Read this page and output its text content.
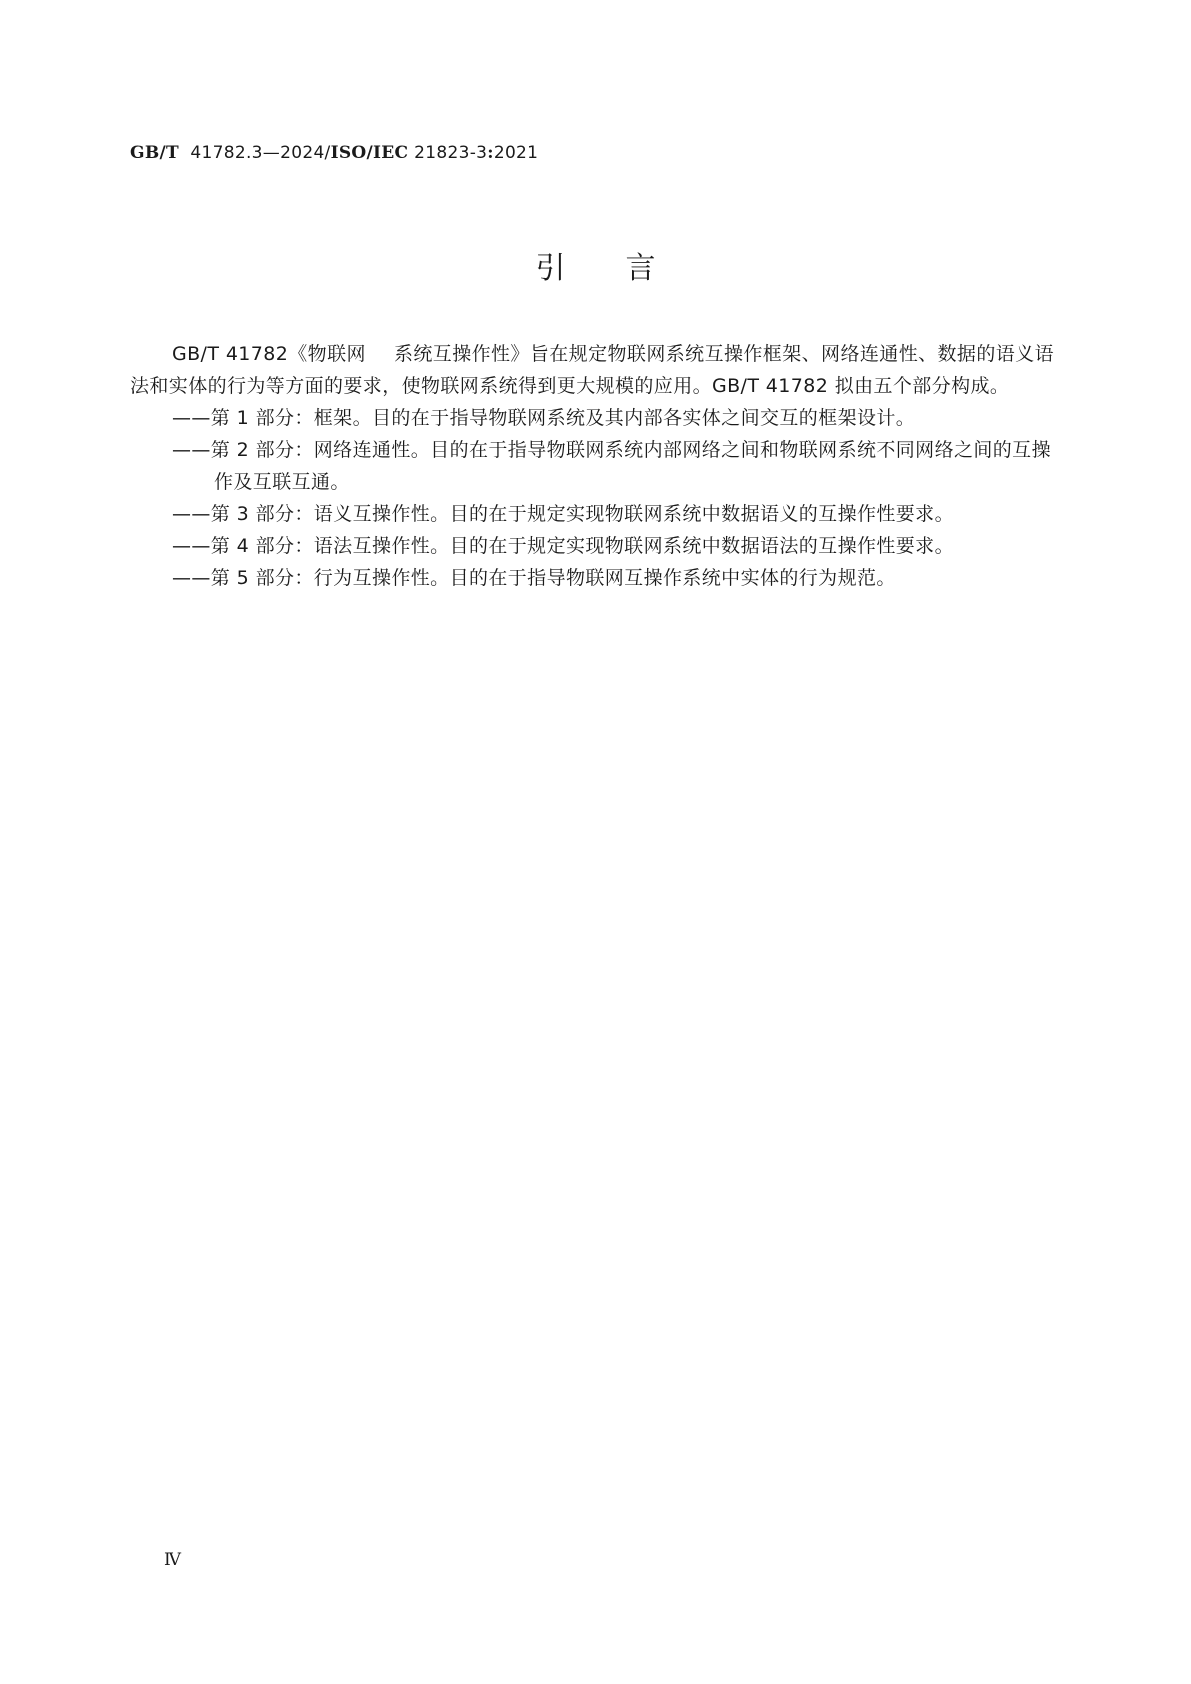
GB/T 41782.3—2024/ISO/IEC 21823-3:2021
引言

GB/T 41782《物联网 系统互操作性》旨在规定物联网系统互操作框架、网络连通性、数据的语义语法和实体的行为等方面的要求，使物联网系统得到更大规模的应用。GB/T 41782 拟由五个部分构成。

——第 1 部分：框架。目的在于指导物联网系统及其内部各实体之间交互的框架设计。
——第 2 部分：网络连通性。目的在于指导物联网系统内部网络之间和物联网系统不同网络之间的互操作及互联互通。
——第 3 部分：语义互操作性。目的在于规定实现物联网系统中数据语义的互操作性要求。
——第 4 部分：语法互操作性。目的在于规定实现物联网系统中数据语法的互操作性要求。
——第 5 部分：行为互操作性。目的在于指导物联网互操作系统中实体的行为规范。
Ⅳ
